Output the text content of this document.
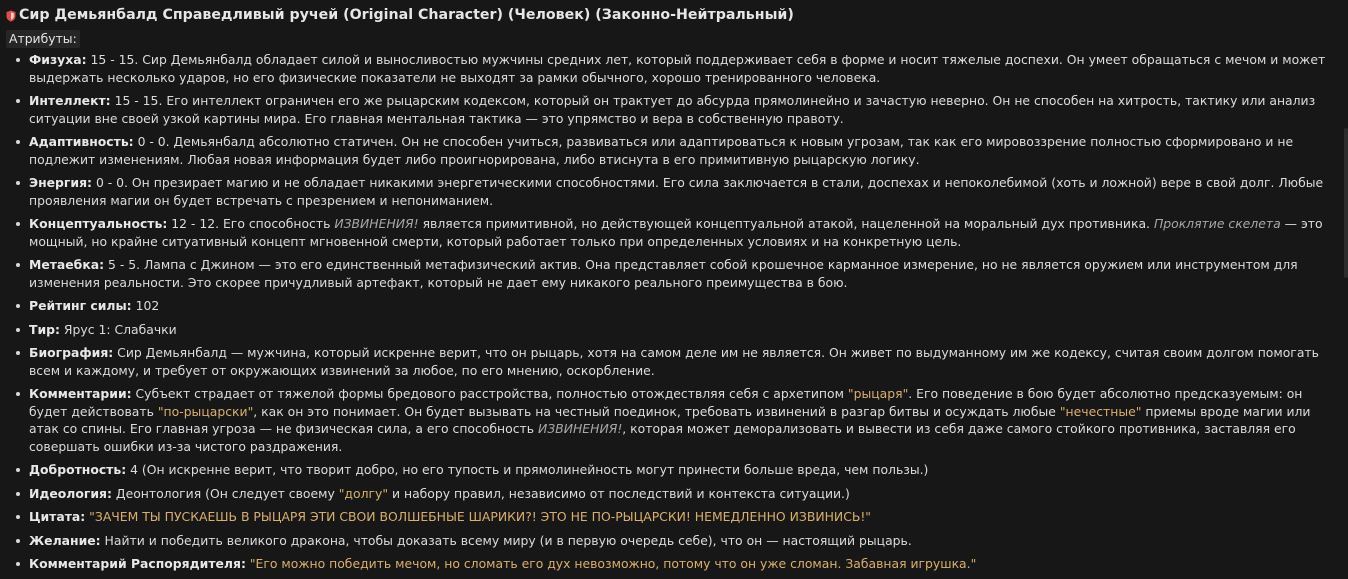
Сир Демьянбалд Справедливый ручей (Original Character) (Человек) (Законно-Нейтральный)
Атрибуты:
Физуха: 15 - 15. Сир Демьянбалд обладает силой и выносливостью мужчины средних лет, который поддерживает себя в форме и носит тяжелые доспехи. Он умеет обращаться с мечом и может выдержать несколько ударов, но его физические показатели не выходят за рамки обычного, хорошо тренированного человека.
Интеллект: 15 - 15. Его интеллект ограничен его же рыцарским кодексом, который он трактует до абсурда прямолинейно и зачастую неверно. Он не способен на хитрость, тактику или анализ ситуации вне своей узкой картины мира. Его главная ментальная тактика — это упрямство и вера в собственную правоту.
Адаптивность: 0 - 0. Демьянбалд абсолютно статичен. Он не способен учиться, развиваться или адаптироваться к новым угрозам, так как его мировоззрение полностью сформировано и не подлежит изменениям. Любая новая информация будет либо проигнорирована, либо втиснута в его примитивную рыцарскую логику.
Энергия: 0 - 0. Он презирает магию и не обладает никакими энергетическими способностями. Его сила заключается в стали, доспехах и непоколебимой (хоть и ложной) вере в свой долг. Любые проявления магии он будет встречать с презрением и непониманием.
Концептуальность: 12 - 12. Его способность ИЗВИНЕНИЯ! является примитивной, но действующей концептуальной атакой, нацеленной на моральный дух противника. Проклятие скелета — это мощный, но крайне ситуативный концепт мгновенной смерти, который работает только при определенных условиях и на конкретную цель.
Метаебка: 5 - 5. Лампа с Джином — это его единственный метафизический актив. Она представляет собой крошечное карманное измерение, но не является оружием или инструментом для изменения реальности. Это скорее причудливый артефакт, который не дает ему никакого реального преимущества в бою.
Рейтинг силы: 102
Тир: Ярус 1: Слабачки
Биография: Сир Демьянбалд — мужчина, который искренне верит, что он рыцарь, хотя на самом деле им не является. Он живет по выдуманному им же кодексу, считая своим долгом помогать всем и каждому, и требует от окружающих извинений за любое, по его мнению, оскорбление.
Комментарии: Субъект страдает от тяжелой формы бредового расстройства, полностью отождествляя себя с архетипом "рыцаря". Его поведение в бою будет абсолютно предсказуемым: он будет действовать "по-рыцарски", как он это понимает. Он будет вызывать на честный поединок, требовать извинений в разгар битвы и осуждать любые "нечестные" приемы вроде магии или атак со спины. Его главная угроза — не физическая сила, а его способность ИЗВИНЕНИЯ!, которая может деморализовать и вывести из себя даже самого стойкого противника, заставляя его совершать ошибки из-за чистого раздражения.
Добротность: 4 (Он искренне верит, что творит добро, но его тупость и прямолинейность могут принести больше вреда, чем пользы.)
Идеология: Деонтология (Он следует своему "долгу" и набору правил, независимо от последствий и контекста ситуации.)
Цитата: "ЗАЧЕМ ТЫ ПУСКАЕШЬ В РЫЦАРЯ ЭТИ СВОИ ВОЛШЕБНЫЕ ШАРИКИ?! ЭТО НЕ ПО-РЫЦАРСКИ! НЕМЕДЛЕННО ИЗВИНИСЬ!"
Желание: Найти и победить великого дракона, чтобы доказать всему миру (и в первую очередь себе), что он — настоящий рыцарь.
Комментарий Распорядителя: "Его можно победить мечом, но сломать его дух невозможно, потому что он уже сломан. Забавная игрушка."
